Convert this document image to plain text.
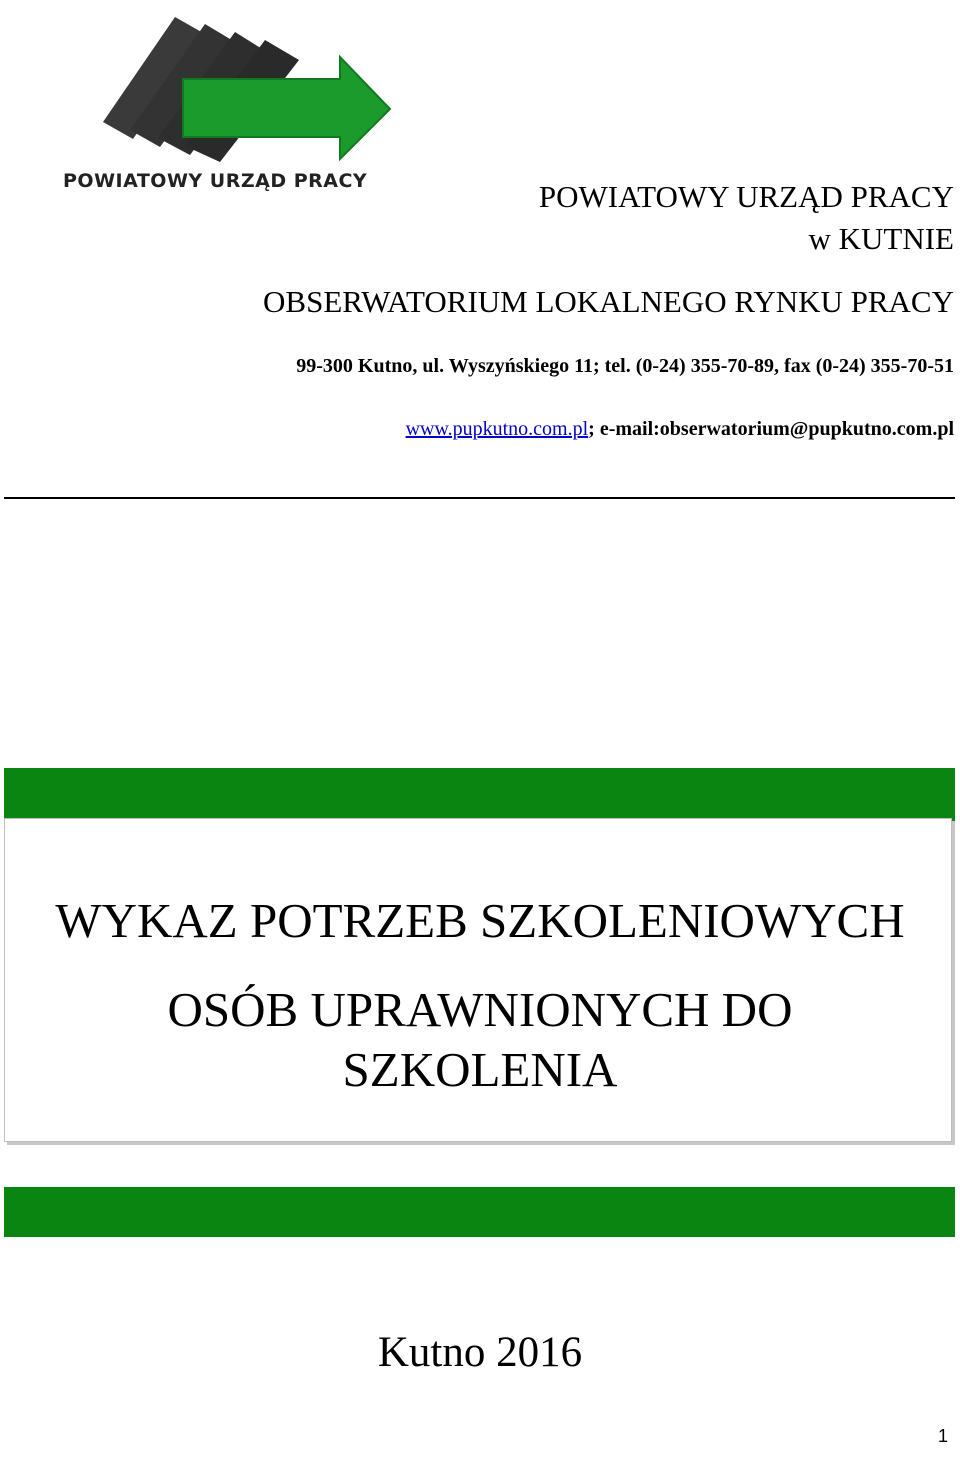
POWIATOWY URZĄD PRACY	POWIATOWY URZĄD PRACY
w KUTNIE
OBSERWATORIUM LOKALNEGO RYNKU PRACY
99-300 Kutno, ul. Wyszyńskiego 11; tel. (0-24) 355-70-89, fax (0-24) 355-70-51
www.pupkutno.com.pl; e-mail:obserwatorium@pupkutno.com.pl
WYKAZ POTRZEB SZKOLENIOWYCH
OSÓB UPRAWNIONYCH DO SZKOLENIA
Kutno 2016
1
